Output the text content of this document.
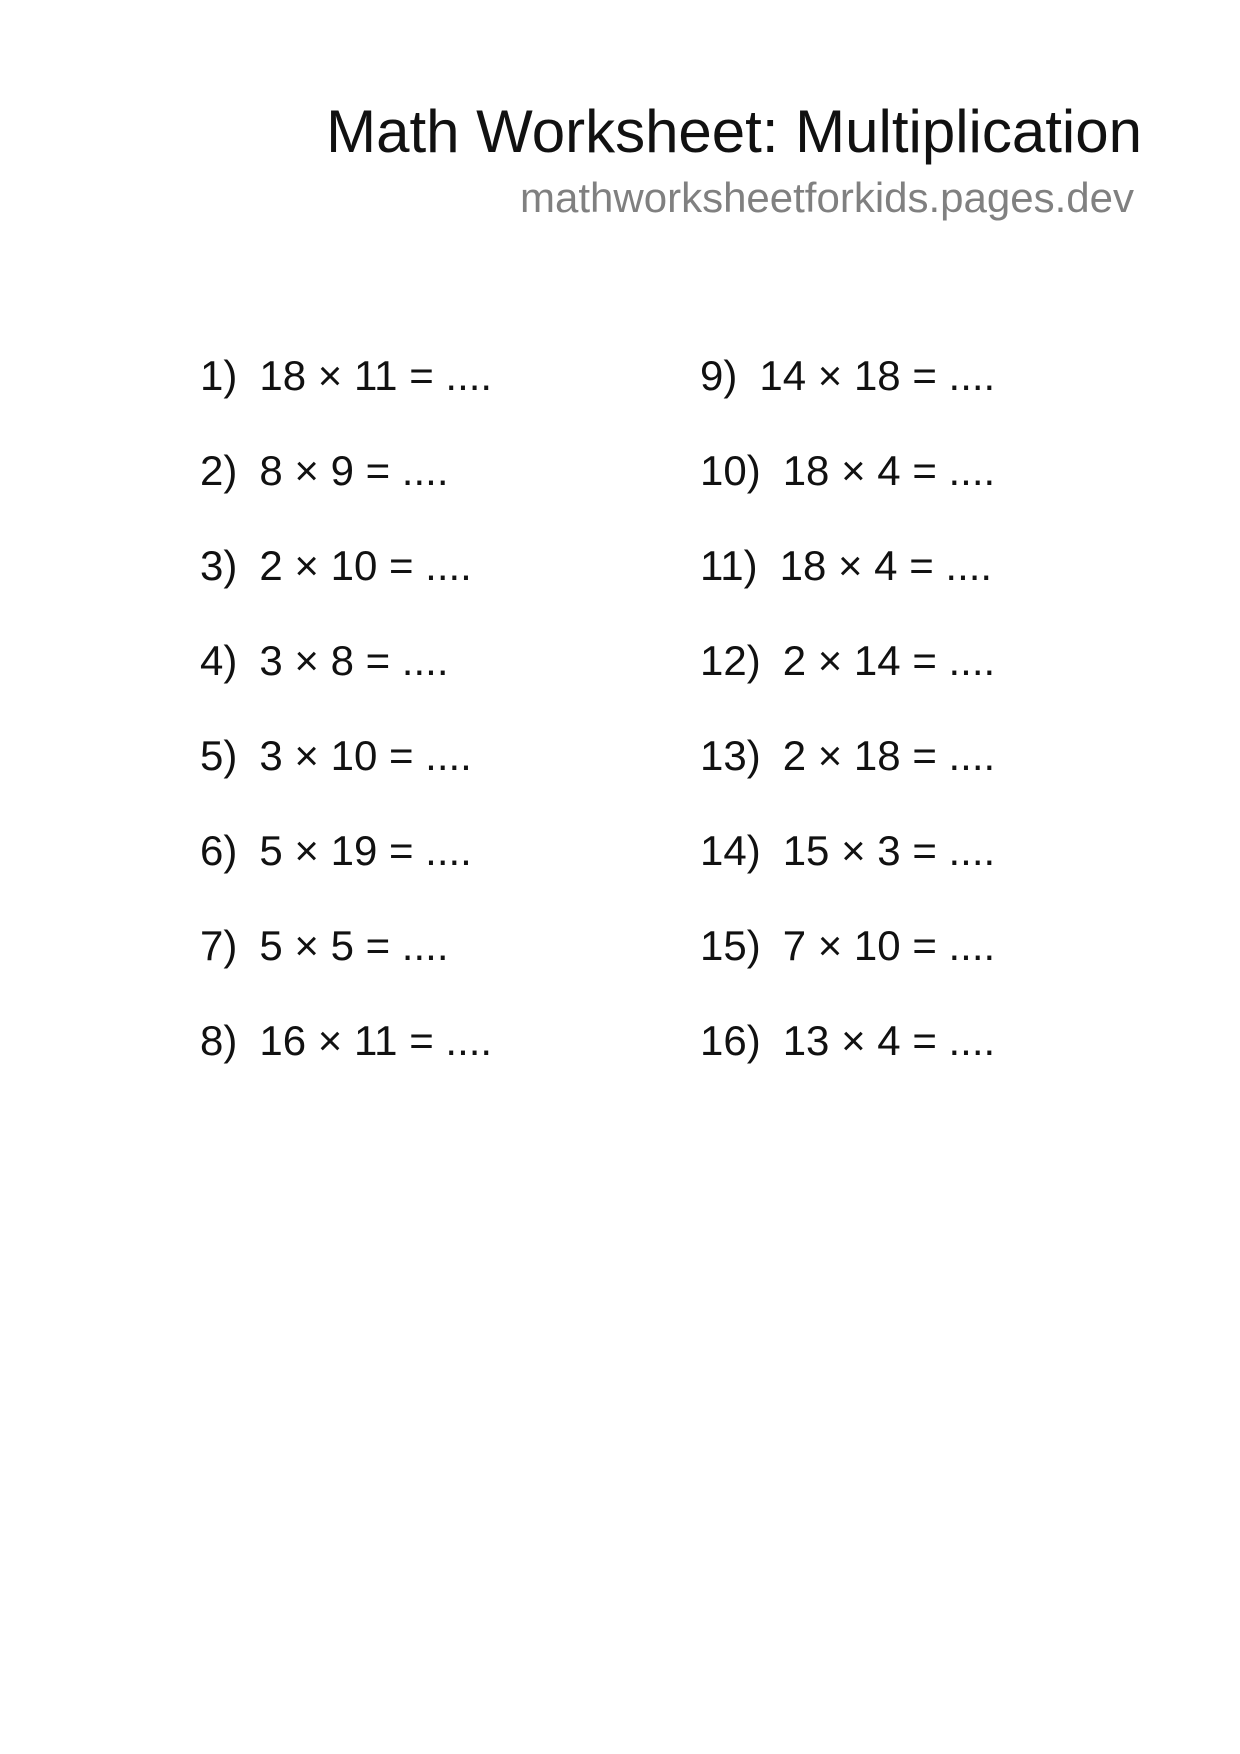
Math Worksheet: Multiplication
mathworksheetforkids.pages.dev
1) 18 × 11 = ....
2) 8 × 9 = ....
3) 2 × 10 = ....
4) 3 × 8 = ....
5) 3 × 10 = ....
6) 5 × 19 = ....
7) 5 × 5 = ....
8) 16 × 11 = ....
9) 14 × 18 = ....
10) 18 × 4 = ....
11) 18 × 4 = ....
12) 2 × 14 = ....
13) 2 × 18 = ....
14) 15 × 3 = ....
15) 7 × 10 = ....
16) 13 × 4 = ....
